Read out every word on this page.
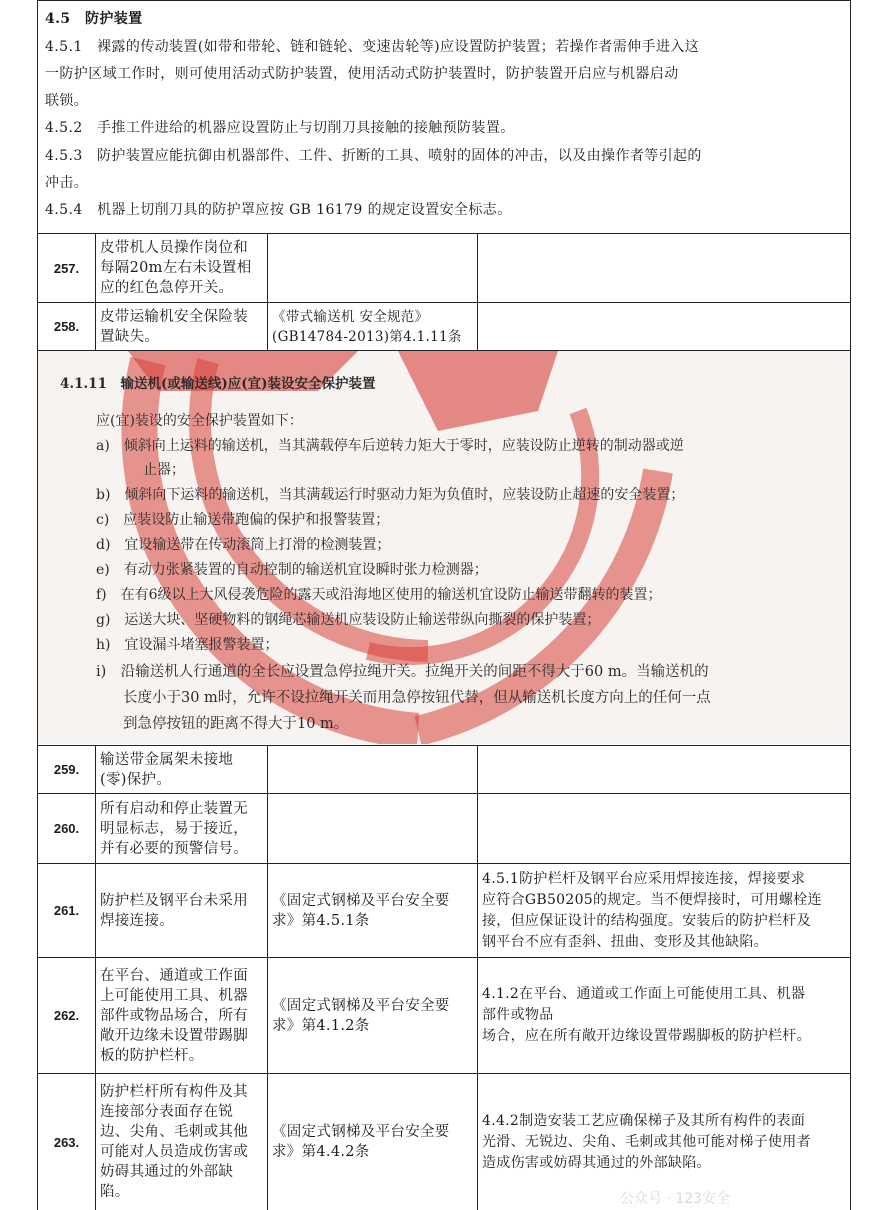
4.5　防护装置
4.5.1　裸露的传动装置(如带和带轮、链和链轮、变速齿轮等)应设置防护装置；若操作者需伸手进入这
一防护区域工作时，则可使用活动式防护装置，使用活动式防护装置时，防护装置开启应与机器启动
联锁。
4.5.2　手推工件进给的机器应设置防止与切削刀具接触的接触预防装置。
4.5.3　防护装置应能抗御由机器部件、工件、折断的工具、喷射的固体的冲击，以及由操作者等引起的
冲击。
4.5.4　机器上切削刀具的防护罩应按 GB 16179 的规定设置安全标志。
257.
皮带机人员操作岗位和
每隔20m左右未设置相
应的红色急停开关。
258.
皮带运输机安全保险装
置缺失。
《带式输送机 安全规范》
(GB14784-2013)第4.1.11条
4.1.11　输送机(或输送线)应(宜)装设安全保护装置
应(宜)装设的安全保护装置如下：
a)　倾斜向上运料的输送机，当其满载停车后逆转力矩大于零时，应装设防止逆转的制动器或逆
止器；
b)　倾斜向下运料的输送机，当其满载运行时驱动力矩为负值时，应装设防止超速的安全装置；
c)　应装设防止输送带跑偏的保护和报警装置；
d)　宜设输送带在传动滚筒上打滑的检测装置；
e)　有动力张紧装置的自动控制的输送机宜设瞬时张力检测器；
f)　在有6级以上大风侵袭危险的露天或沿海地区使用的输送机宜设防止输送带翻转的装置；
g)　运送大块、坚硬物料的钢绳芯输送机应装设防止输送带纵向撕裂的保护装置；
h)　宜设漏斗堵塞报警装置；
i)　沿输送机人行通道的全长应设置急停拉绳开关。拉绳开关的间距不得大于60 m。当输送机的
长度小于30 m时，允许不设拉绳开关而用急停按钮代替，但从输送机长度方向上的任何一点
到急停按钮的距离不得大于10 m。
259.
输送带金属架未接地
(零)保护。
260.
所有启动和停止装置无
明显标志，易于接近，
并有必要的预警信号。
261.
防护栏及钢平台未采用
焊接连接。
《固定式钢梯及平台安全要
求》第4.5.1条
4.5.1防护栏杆及钢平台应采用焊接连接，焊接要求
应符合GB50205的规定。当不便焊接时，可用螺栓连
接，但应保证设计的结构强度。安装后的防护栏杆及
钢平台不应有歪斜、扭曲、变形及其他缺陷。
262.
在平台、通道或工作面
上可能使用工具、机器
部件或物品场合，所有
敞开边缘未设置带踢脚
板的防护栏杆。
《固定式钢梯及平台安全要
求》第4.1.2条
4.1.2在平台、通道或工作面上可能使用工具、机器
部件或物品
场合，应在所有敞开边缘设置带踢脚板的防护栏杆。
263.
防护栏杆所有构件及其
连接部分表面存在锐
边、尖角、毛刺或其他
可能对人员造成伤害或
妨碍其通过的外部缺
陷。
《固定式钢梯及平台安全要
求》第4.4.2条
4.4.2制造安装工艺应确保梯子及其所有构件的表面
光滑、无锐边、尖角、毛刺或其他可能对梯子使用者
造成伤害或妨碍其通过的外部缺陷。
公众号 · 123安全
